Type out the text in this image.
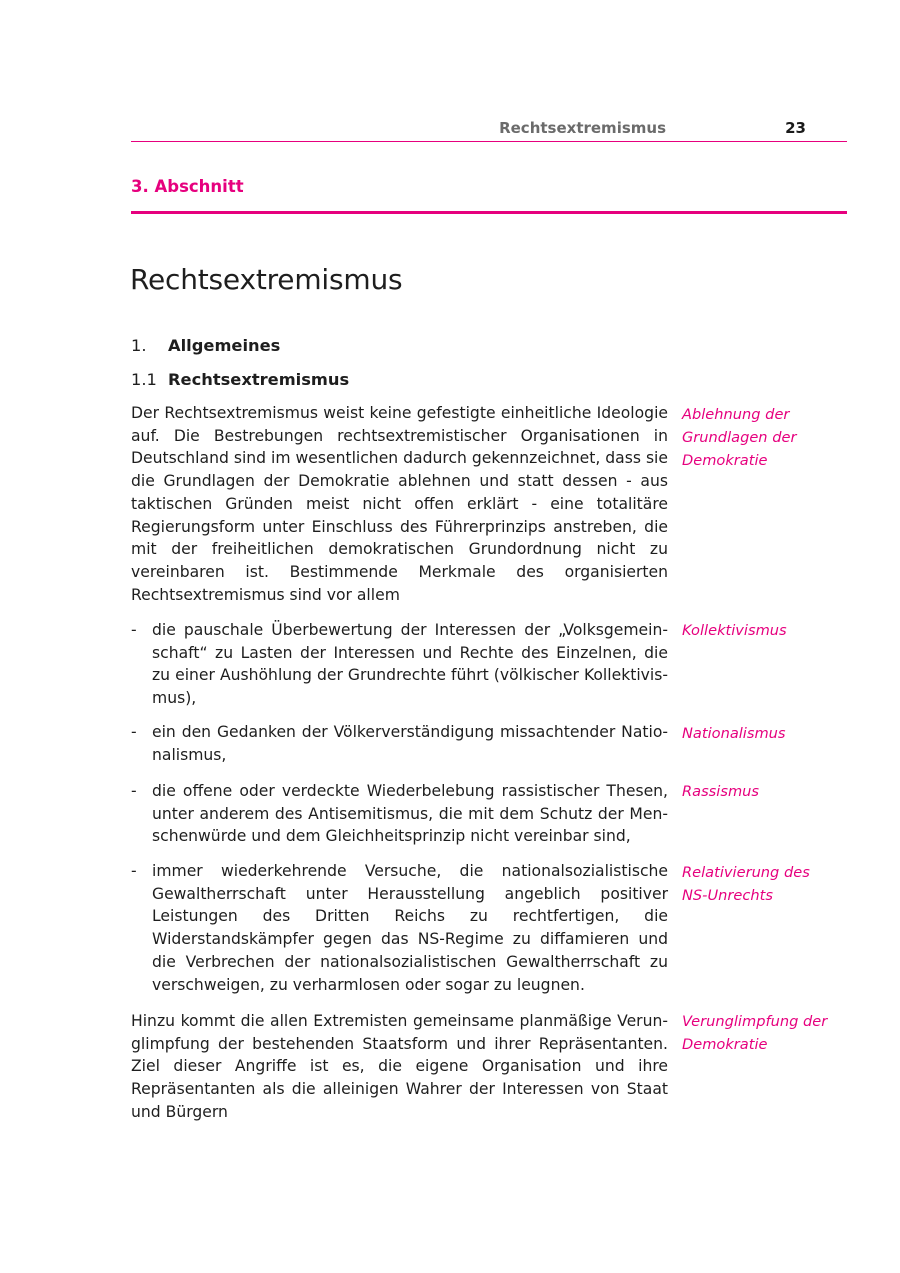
Rechtsextremismus	23
3. Abschnitt
Rechtsextremismus
1. Allgemeines
1.1 Rechtsextremismus
Der Rechtsextremismus weist keine gefestigte einheitliche Ideologie auf. Die Bestrebungen rechtsextremistischer Organisationen in Deutschland sind im wesentlichen dadurch gekennzeichnet, dass sie die Grundlagen der Demokratie ablehnen und statt dessen - aus taktischen Gründen meist nicht offen erklärt - eine totalitäre Regierungsform unter Einschluss des Führerprinzips anstreben, die mit der freiheitlichen demokratischen Grundordnung nicht zu vereinbaren ist. Bestimmende Merkmale des organisierten Rechtsextremismus sind vor allem
- die pauschale Überbewertung der Interessen der „Volksgemeinschaft“ zu Lasten der Interessen und Rechte des Einzelnen, die zu einer Aushöhlung der Grundrechte führt (völkischer Kollektivismus),
- ein den Gedanken der Völkerverständigung missachtender Nationalismus,
- die offene oder verdeckte Wiederbelebung rassistischer Thesen, unter anderem des Antisemitismus, die mit dem Schutz der Menschenwürde und dem Gleichheitsprinzip nicht vereinbar sind,
- immer wiederkehrende Versuche, die nationalsozialistische Gewaltherrschaft unter Herausstellung angeblich positiver Leistungen des Dritten Reichs zu rechtfertigen, die Widerstandskämpfer gegen das NS-Regime zu diffamieren und die Verbrechen der nationalsozialistischen Gewaltherrschaft zu verschweigen, zu verharmlosen oder sogar zu leugnen.
Hinzu kommt die allen Extremisten gemeinsame planmäßige Verunglimpfung der bestehenden Staatsform und ihrer Repräsentanten. Ziel dieser Angriffe ist es, die eigene Organisation und ihre Repräsentanten als die alleinigen Wahrer der Interessen von Staat und Bürgern
Ablehnung der Grundlagen der Demokratie
Kollektivismus
Nationalismus
Rassismus
Relativierung des NS-Unrechts
Verunglimpfung der Demokratie
